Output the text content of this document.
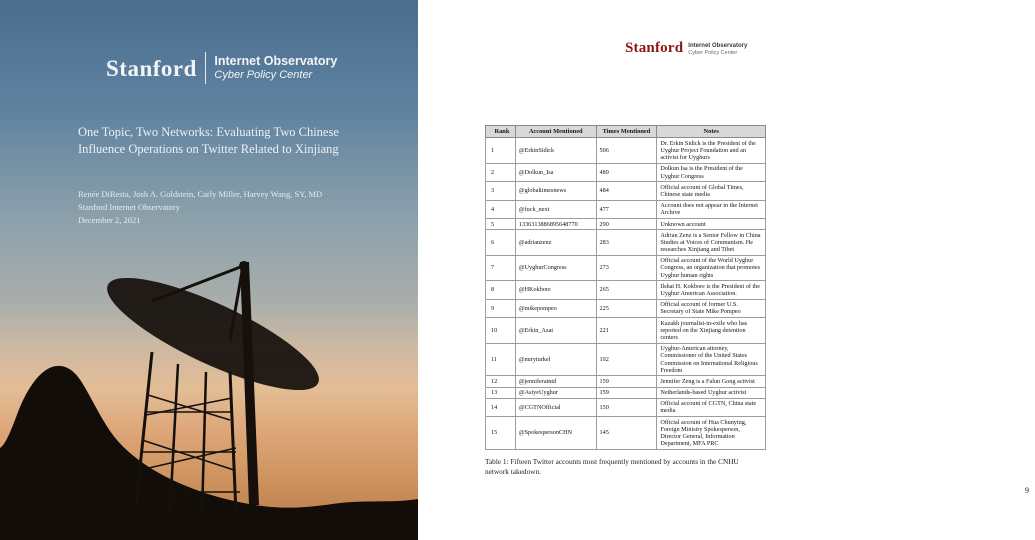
Stanford Internet Observatory
Cyber Policy Center
One Topic, Two Networks: Evaluating Two Chinese
Influence Operations on Twitter Related to Xinjiang
Renée DiResta, Josh A. Goldstein, Carly Miller, Harvey Wang, SY, MD
Stanford Internet Observatory
December 2, 2021
Stanford Internet Observatory
Cyber Policy Center
Rank	Account Mentioned	Times Mentioned	Notes
1	@ErkinSidick	506	Dr. Erkin Sidick is the President of the Uyghur Project Foundation and an activist for Uyghurs
2	@Dolkun_Isa	489	Dolkun Isa is the President of the Uyghur Congress
3	@globaltimesnews	484	Official account of Global Times, Chinese state media
4	@fuck_next	477	Account does not appear in the Internet Archive
5	1336313886895648770	290	Unknown account
6	@adrianzenz	283	Adrian Zenz is a Senior Fellow in China Studies at Voices of Communism. He researches Xinjiang and Tibet
7	@UyghurCongress	273	Official account of the World Uyghur Congress, an organization that promotes Uyghur human rights
8	@HKokbore	265	Ilshat H. Kokbore is the President of the Uyghur American Association.
9	@mikepompeo	225	Official account of former U.S. Secretary of State Mike Pompeo
10	@Erkin_Azat	221	Kazakh journalist-in-exile who has reported on the Xinjiang detention centers
11	@nuryturkel	192	Uyghur-American attorney, Commissioner of the United States Commission on International Religious Freedom
12	@jenniferatntd	159	Jennifer Zeng is a Falun Gong activist
13	@AsiyeUyghur	159	Netherlands-based Uyghur activist
14	@CGTNOfficial	150	Official account of CGTN, China state media
15	@SpokespersonCHN	145	Official account of Hua Chunying, Foreign Ministry Spokesperson, Director General, Information Department, MFA PRC
Table 1: Fifteen Twitter accounts most frequently mentioned by accounts in the CNHU network takedown.
9
